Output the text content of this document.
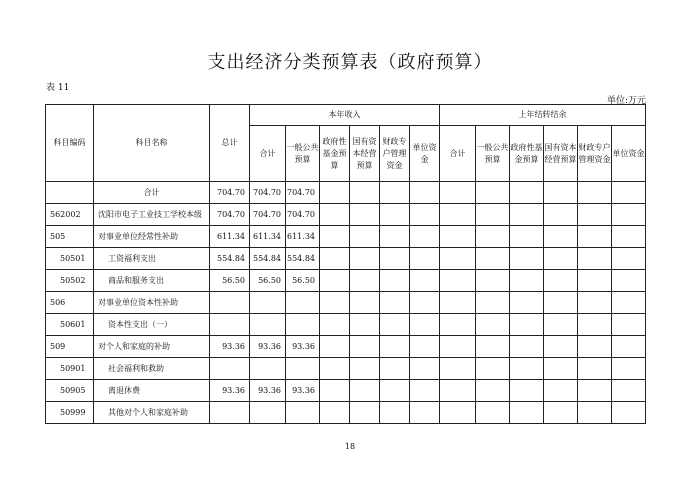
支出经济分类预算表（政府预算）
表 11
单位:万元
科目编码	科目名称	总计	本年收入						上年结转结余					
			合计	一般公共预算	政府性基金预算	国有资本经营预算	财政专户管理资金	单位资金	合计	一般公共预算	政府性基金预算	国有资本经营预算	财政专户管理资金	单位资金
	合计	704.70	704.70	704.70										
562002	沈阳市电子工业技工学校本级	704.70	704.70	704.70										
505	对事业单位经常性补助	611.34	611.34	611.34										
50501	工资福利支出	554.84	554.84	554.84										
50502	商品和服务支出	56.50	56.50	56.50										
506	对事业单位资本性补助													
50601	资本性支出（一）													
509	对个人和家庭的补助	93.36	93.36	93.36										
50901	社会福利和救助													
50905	离退休费	93.36	93.36	93.36										
50999	其他对个人和家庭补助													
18
